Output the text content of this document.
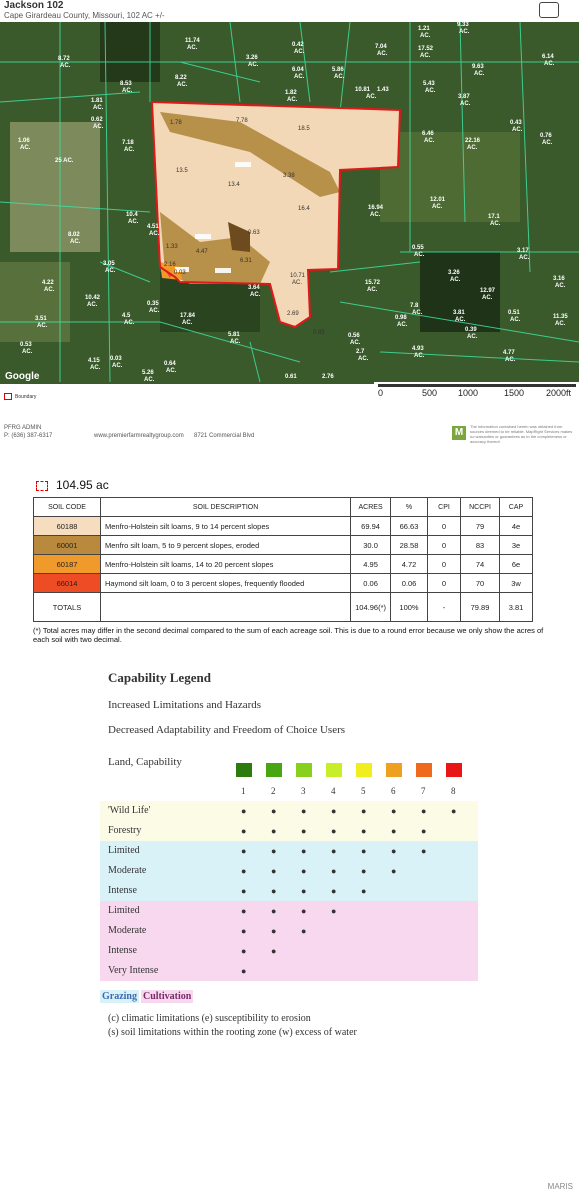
Jackson 102
Cape Girardeau County, Missouri, 102 AC +/-
11.74
AC.
8.72
AC.
8.22
AC.
3.26
AC.
0.42
AC.
6.04
AC.
5.86
AC.
7.04
AC.
1.21
AC.
9.33
AC.
17.52
AC.
9.63
AC.
6.14
AC.
8.53
AC.	1.82
AC.
10.81 1.43
AC.
5.43
AC.
3.87
AC.
1.81
AC.
0.62
AC.
1.06
AC.
7.18
AC.
25 AC.
6.46
AC.	22.16
AC.
0.43
AC.
0.76
AC.
10.4
AC.
16.94
AC.
12.01
AC.
17.1
AC.
8.02
AC.
4.51
AC.
0.55
AC.
3.17
AC.
4.22
AC.
3.05
AC.
3.64
AC.
15.72
AC.
3.26
AC.
12.97
AC.
3.16
AC.
10.42
AC.	0.35
AC.
4.5
AC.
17.84
AC.
5.81
AC.
7.8
AC.	3.81
AC.
0.51
AC.	11.35
AC.
3.51
AC.
0.56
AC.
0.98
AC.
0.39
AC.
0.53
AC.
4.15
AC.
0.03
AC.
2.7
AC.
4.93
AC.	4.77
AC.
5.26
AC.
0.64
AC.
0.61	2.76
1.78	7.78
18.5
13.5
13.4
3.38
16.4
0.63
4.47
6.31
10.71
AC.
2.69
0.85
1.33
2.16
0.03
Google
0	500 1000	1500 2000ft
Boundary
PFRG ADMIN
P: (636) 387-6317	www.premierfarmrealtygroup.com 8721 Commercial Blvd	M
The information contained herein was obtained from sources deemed to be reliable. MapRight Services makes no warranties or guarantees as to the completeness or accuracy thereof.
104.95 ac
SOIL CODE	SOIL DESCRIPTION	ACRES	%	CPI	NCCPI	CAP
60188	Menfro-Holstein silt loams, 9 to 14 percent slopes	69.94	66.63	0	79	4e
60001	Menfro silt loam, 5 to 9 percent slopes, eroded	30.0	28.58	0	83	3e
60187	Menfro-Holstein silt loams, 14 to 20 percent slopes	4.95	4.72	0	74	6e
66014	Haymond silt loam, 0 to 3 percent slopes, frequently flooded	0.06	0.06	0	70	3w
TOTALS		104.96(*)	100%	-	79.89	3.81
(*) Total acres may differ in the second decimal compared to the sum of each acreage soil. This is due to a round error because we only show the acres of each soil with two decimal.
Capability Legend
Increased Limitations and Hazards
Decreased Adaptability and Freedom of Choice Users
Land, Capability
Grazing Cultivation
(c) climatic limitations (e) susceptibility to erosion
(s) soil limitations within the rooting zone (w) excess of water
1	2	3	4	5	6	7	8
'Wild Life'	●	●	●	●	●	●	●	●
Forestry	●	●	●	●	●	●	●
Limited	●	●	●	●	●	●	●
Moderate	●	●	●	●	●	●
Intense	●	●	●	●	●
Limited	●	●	●	●
Moderate	●	●	●
Intense	●	●
Very Intense	●
MARIS
